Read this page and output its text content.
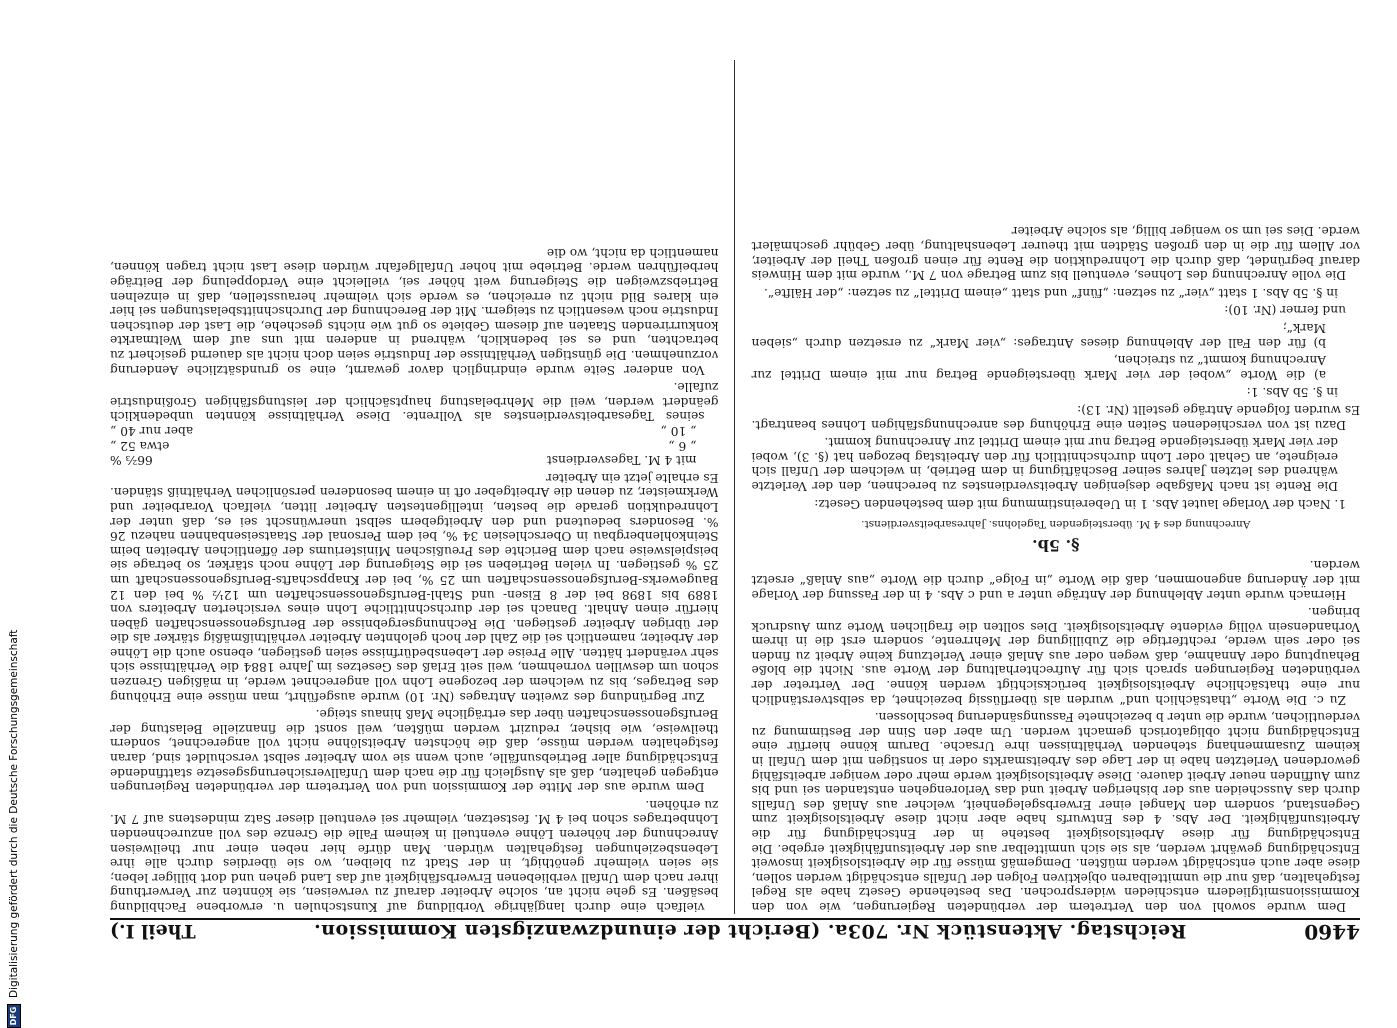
DFG
Digitalisierung gefördert durch die Deutsche Forschungsgemeinschaft	4460
Reichstag. Aktenstück Nr. 703a. (Bericht der einundzwanzigsten Kommission.
Theil I.)

Dem wurde sowohl von den Vertretern der verbündeten Regierungen, wie von den Kommissionsmitgliedern entschieden widersprochen. Das bestehende Gesetz habe als Regel festgehalten, daß nur die unmittelbaren objektiven Folgen der Unfalls entschädigt werden sollen, diese aber auch entschädigt werden müßten. Demgemäß müsse für die Arbeitslosigkeit insoweit Entschädigung gewährt werden, als sie sich unmittelbar aus der Arbeitsunfähigkeit ergebe. Die Entschädigung für diese Arbeitslosigkeit bestehe in der Entschädigung für die Arbeitsunfähigkeit. Der Abs. 4 des Entwurfs habe aber nicht diese Arbeitslosigkeit zum Gegenstand, sondern den Mangel einer Erwerbsgelegenheit, welcher aus Anlaß des Unfalls durch das Ausscheiden aus der bisherigen Arbeit und das Verlorengehen entstanden sei und bis zum Auffinden neuer Arbeit dauere. Diese Arbeitslosigkeit werde mehr oder weniger arbeitsfähig gewordenen Verletzten habe in der Lage des Arbeitsmarkts oder in sonstigen mit dem Unfall in keinem Zusammenhang stehenden Verhältnissen ihre Ursache. Darum könne hierfür eine Entschädigung nicht obligatorisch gemacht werden. Um aber den Sinn der Bestimmung zu verdeutlichen, wurde die unter b bezeichnete Fassungsänderung beschlossen.

Zu c. Die Worte „thatsächlich und“ wurden als überflüssig bezeichnet, da selbstverständlich nur eine thatsächliche Arbeitslosigkeit berücksichtigt werden könne. Der Vertreter der verbündeten Regierungen sprach sich für Aufrechterhaltung der Worte aus. Nicht die bloße Behauptung oder Annahme, daß wegen oder aus Anlaß einer Verletzung keine Arbeit zu finden sei oder sein werde, rechtfertige die Zubilligung der Mehrrente, sondern erst die in ihrem Vorhandensein völlig evidente Arbeitslosigkeit. Dies sollten die fraglichen Worte zum Ausdruck bringen.

Hiernach wurde unter Ablehnung der Anträge unter a und c Abs. 4 in der Fassung der Vorlage mit der Änderung angenommen, daß die Worte „in Folge“ durch die Worte „aus Anlaß“ ersetzt werden.

§. 5b.
Anrechnung des 4 M. übersteigenden Tagelohns. Jahresarbeitsverdienst.

1. Nach der Vorlage lautet Abs. 1 in Uebereinstimmung mit dem bestehenden Gesetz:

Die Rente ist nach Maßgabe desjenigen Arbeitsverdienstes zu berechnen, den der Verletzte während des letzten Jahres seiner Beschäftigung in dem Betrieb, in welchem der Unfall sich ereignete, an Gehalt oder Lohn durchschnittlich für den Arbeitstag bezogen hat (§. 3), wobei der vier Mark übersteigende Betrag nur mit einem Drittel zur Anrechnung kommt.

Dazu ist von verschiedenen Seiten eine Erhöhung des anrechnungsfähigen Lohnes beantragt. Es wurden folgende Anträge gestellt (Nr. 13):

in §. 5b Abs. 1:

a) die Worte „wobei der vier Mark übersteigende Betrag nur mit einem Drittel zur Anrechnung kommt“ zu streichen,

b) für den Fall der Ablehnung dieses Antrages: „vier Mark“ zu ersetzen durch „sieben Mark“;

und ferner (Nr. 10):

in §. 5b Abs. 1 statt „vier“ zu setzen: „fünf“ und statt „einem Drittel“ zu setzen: „der Hälfte“.

Die volle Anrechnung des Lohnes, eventuell bis zum Betrage von 7 M., wurde mit dem Hinweis darauf begründet, daß durch die Lohnreduktion die Rente für einen großen Theil der Arbeiter, vor Allem für die in den großen Städten mit theurer Lebenshaltung, über Gebühr geschmälert werde. Dies sei um so weniger billig, als solche Arbeiter

vielfach eine durch langjährige Vorbildung auf Kunstschulen u. erworbene Fachbildung besäßen. Es gehe nicht an, solche Arbeiter darauf zu verweisen, sie könnten zur Verwerthung ihrer nach dem Unfall verbliebenen Erwerbsfähigkeit auf das Land gehen und dort billiger leben; sie seien vielmehr genöthigt, in der Stadt zu bleiben, wo sie überdies durch alle ihre Lebensbeziehungen festgehalten würden. Man dürfe hier neben einer nur theilweisen Anrechnung der höheren Löhne eventuell in keinem Falle die Grenze des voll anzurechnenden Lohnbetrages schon bei 4 M. festsetzen, vielmehr sei eventuell dieser Satz mindestens auf 7 M. zu erhöhen.

Dem wurde aus der Mitte der Kommission und von Vertretern der verbündeten Regierungen entgegen gehalten, daß als Ausgleich für die nach dem Unfallversicherungsgesetze stattfindende Entschädigung aller Betriebsunfälle, auch wenn sie vom Arbeiter selbst verschuldet sind, daran festgehalten werden müsse, daß die höchsten Arbeitslöhne nicht voll angerechnet, sondern theilweise, wie bisher, reduzirt werden müßten, weil sonst die finanzielle Belastung der Berufsgenossenschaften über das erträgliche Maß hinaus steige.

Zur Begründung des zweiten Antrages (Nr. 10) wurde ausgeführt, man müsse eine Erhöhung des Betrages, bis zu welchem der bezogene Lohn voll angerechnet werde, in mäßigen Grenzen schon um deswillen vornehmen, weil seit Erlaß des Gesetzes im Jahre 1884 die Verhältnisse sich sehr verändert hätten. Alle Preise der Lebensbedürfnisse seien gestiegen, ebenso auch die Löhne der Arbeiter, namentlich sei die Zahl der hoch gelohnten Arbeiter verhältnißmäßig stärker als die der übrigen Arbeiter gestiegen. Die Rechnungsergebnisse der Berufsgenossenschaften gäben hierfür einen Anhalt. Danach sei der durchschnittliche Lohn eines versicherten Arbeiters von 1889 bis 1898 bei der 8 Eisen- und Stahl-Berufsgenossenschaften um 12½ % bei den 12 Baugewerks-Berufsgenossenschaften um 25 %, bei der Knappschafts-Berufsgenossenschaft um 25 % gestiegen. In vielen Betrieben sei die Steigerung der Löhne noch stärker, so betrage sie beispielsweise nach dem Berichte des Preußischen Ministeriums der öffentlichen Arbeiten beim Steinkohlenbergbau in Oberschlesien 34 %, bei dem Personal der Staatseisenbahnen nahezu 26 %. Besonders bedeutend und den Arbeitgebern selbst unerwünscht sei es, daß unter der Lohnreduktion gerade die besten, intelligentesten Arbeiter litten, vielfach Vorarbeiter und Werkmeister, zu denen die Arbeitgeber oft in einem besonderen persönlichen Verhältniß ständen. Es erhalte jetzt ein Arbeiter

mit 4 M. Tagesverdienst
66⅔ %
„ 6 „
etwa 52 „
„ 10 „
aber nur 40 „

seines Tagesarbeitsverdienstes als Vollrente. Diese Verhältnisse könnten unbedenklich geändert werden, weil die Mehrbelastung hauptsächlich der leistungsfähigen Großindustrie zufalle.

Von anderer Seite wurde eindringlich davor gewarnt, eine so grundsätzliche Aenderung vorzunehmen. Die günstigen Verhältnisse der Industrie seien doch nicht als dauernd gesichert zu betrachten, und es sei bedenklich, während in anderen mit uns auf dem Weltmarkte konkurrirenden Staaten auf diesem Gebiete so gut wie nichts geschehe, die Last der deutschen Industrie noch wesentlich zu steigern. Mit der Berechnung der Durchschnittsbelastungen sei hier ein klares Bild nicht zu erreichen, es werde sich vielmehr herausstellen, daß in einzelnen Betriebszweigen die Steigerung weit höher sei, vielleicht eine Verdoppelung der Beiträge herbeiführen werde. Betriebe mit hoher Unfallgefahr würden diese Last nicht tragen können, namentlich da nicht, wo die
